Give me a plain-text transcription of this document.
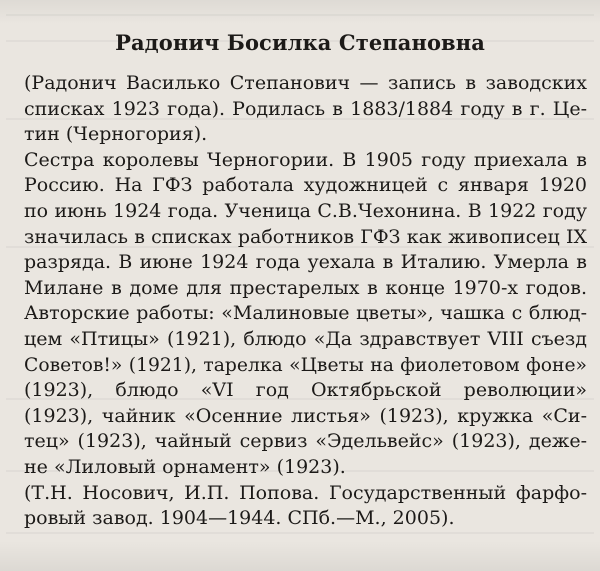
Радонич Босилка Степановна
(Радонич Василько Степанович — запись в заводских
списках 1923 года). Родилась в 1883/1884 году в г. Це-
тин (Черногория).
Сестра королевы Черногории. В 1905 году приехала в
Россию. На ГФЗ работала художницей с января 1920
по июнь 1924 года. Ученица С.В.Чехонина. В 1922 году
значилась в списках работников ГФЗ как живописец IX
разряда. В июне 1924 года уехала в Италию. Умерла в
Милане в доме для престарелых в конце 1970-х годов.
Авторские работы: «Малиновые цветы», чашка с блюд-
цем «Птицы» (1921), блюдо «Да здравствует VIII съезд
Советов!» (1921), тарелка «Цветы на фиолетовом фоне»
(1923), блюдо «VI год Октябрьской революции»
(1923), чайник «Осенние листья» (1923), кружка «Си-
тец» (1923), чайный сервиз «Эдельвейс» (1923), деже-
не «Лиловый орнамент» (1923).
(Т.Н. Носович, И.П. Попова. Государственный фарфо-
ровый завод. 1904—1944. СПб.—М., 2005).
